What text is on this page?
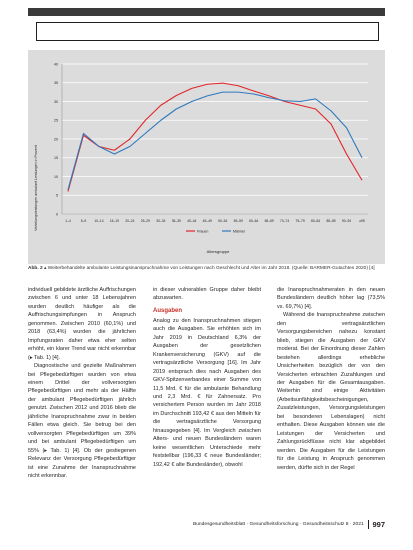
0
5
10
15
20
25
30
35
40
1–4	5–9 10–14 15–19 20–24 25–29 30–34 35–39 40–44 45–49 50–54 55–59 60–64 65–69 70–74 75–79 80–84 85–89 90–94 ≥95
Frauen	Männer
Verteilungsleistungen ambulant Leistungen in Prozent
Altersgruppe
Abb. 2 ▴ Weiterbehandelte ambulante Leistungsinanspruchnahme von Leistungen nach Geschlecht und Alter im Jahr 2018. (Quelle: BARMER-Gutachten 2020) [4]

individuell gebildete ärztliche Auffrischungen zwischen 6 und unter 18 Lebensjahren wurden deutlich häufiger als die Auffrischungsimpfungen in Anspruch genommen. Zwischen 2010 (60,1%) und 2018 (63,4%) wurden die jährlichen Impfungsraten daher etwa eher selten erhöht, ein klarer Trend war nicht erkennbar (▸ Tab. 1) [4].

Diagnostische und gezielte Maßnahmen bei Pflegebedürftigen wurden von etwa einem Drittel der vollversorgten Pflegebedürftigen und mehr als der Hälfte der ambulant Pflegebedürftigen jährlich genutzt. Zwischen 2012 und 2016 blieb die jährliche Inanspruchnahme zwar in beiden Fällen etwa gleich. Sie betrug bei den vollversorgten Pflegebedürftigen um 39% und bei ambulant Pflegebedürftigen um 55% (▸ Tab. 1) [4]. Ob der gestiegenen Relevanz der Versorgung Pflegebedürftiger ist eine Zunahme der Inanspruchnahme nicht erkennbar.

in dieser vulnerablen Gruppe daher bleibt abzuwarten.

Ausgaben

Analog zu den Inanspruchnahmen stiegen auch die Ausgaben. Sie erhöhten sich im Jahr 2019 in Deutschland 6,3% der Ausgaben der gesetzlichen Krankenversicherung (GKV) auf die vertragsärztliche Versorgung [16]. Im Jahr 2019 entsprach dies nach Ausgaben des GKV-Spitzenverbandes einer Summe von 11,5 Mrd. € für die ambulante Behandlung und 2,3 Mrd. € für Zahnersatz. Pro versichertem Person wurden im Jahr 2018 im Durchschnitt 193,42 € aus den Mitteln für die vertragsärztliche Versorgung hinausgegeben [4]. Im Vergleich zwischen Alters- und neuen Bundesländern waren keine wesentlichen Unterschiede mehr feststellbar (196,33 € neue Bundesländer; 192,42 € alte Bundesländer), obwohl

die Inanspruchnahmeraten in den neuen Bundesländern deutlich höher lag (73,5% vs. 69,7%) [4].

Während die Inanspruchnahme zwischen den vertragsärztlichen Versorgungsbereichen nahezu konstant blieb, stiegen die Ausgaben der GKV moderat. Bei der Einordnung dieser Zahlen bestehen allerdings erhebliche Unsicherheiten bezüglich der von den Versicherten erbrachten Zuzahlungen und der Ausgaben für die Gesamtausgaben. Weiterhin sind einige Aktivitäten (Arbeitsunfähigkeitsbescheinigungen, Zusatzleistungen, Versorgungsleistungen bei besonderen Lebenslagen) nicht enthalten. Diese Ausgaben können wie die Leistungen der Versicherten und Zahlungsrückflüsse nicht klar abgebildet werden. Die Ausgaben für die Leistungen für die Leistung in Anspruch genommen werden, dürfte sich in der Regel

Bundesgesundheitsblatt · Gesundheitsforschung · Gesundheitsschutz 8 · 2021 997
